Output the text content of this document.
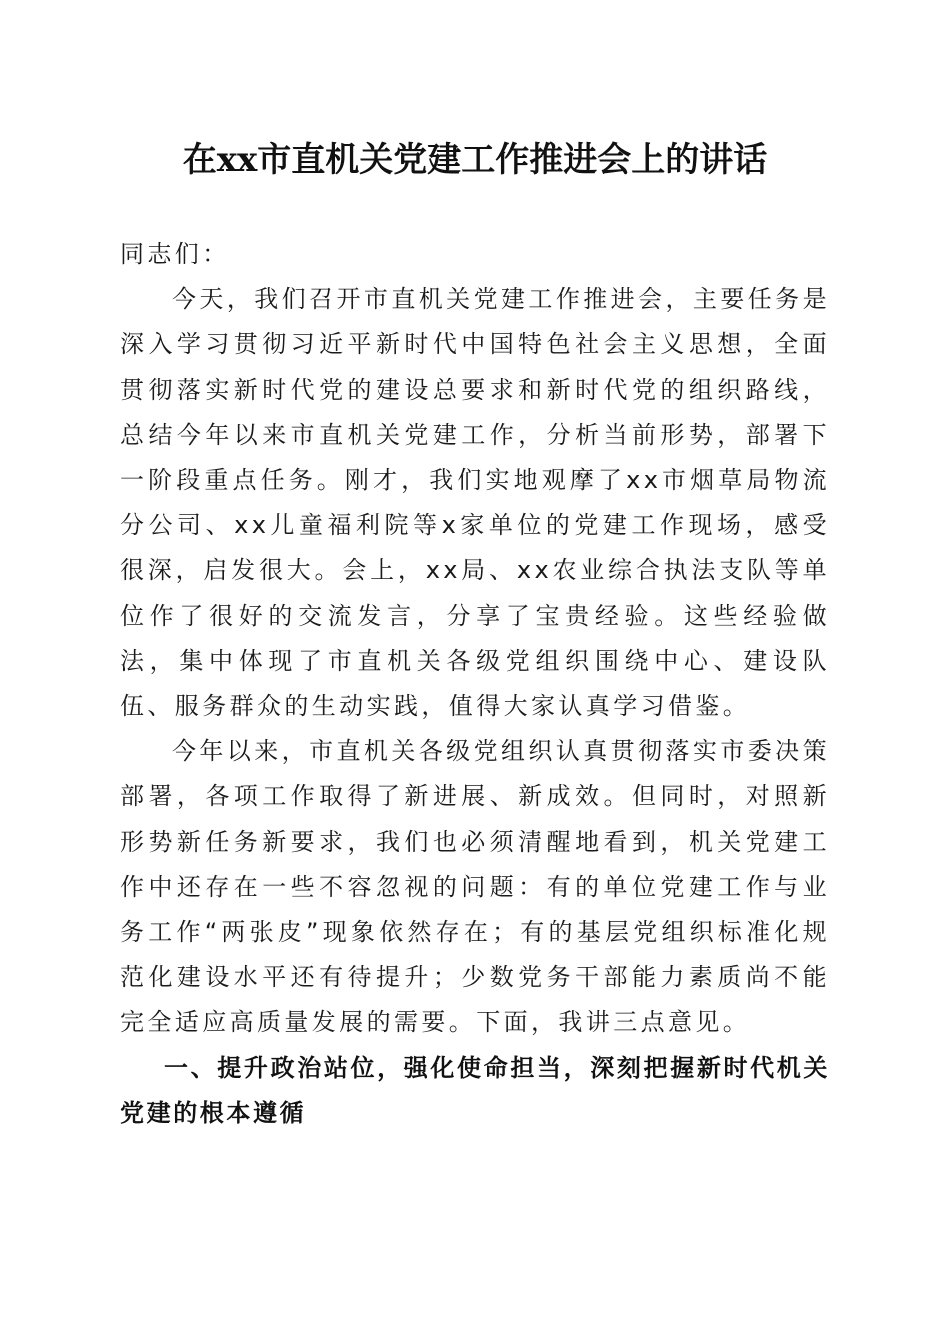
在xx市直机关党建工作推进会上的讲话

同志们：

今天，我们召开市直机关党建工作推进会，主要任务是深入学习贯彻习近平新时代中国特色社会主义思想，全面贯彻落实新时代党的建设总要求和新时代党的组织路线，总结今年以来市直机关党建工作，分析当前形势，部署下一阶段重点任务。刚才，我们实地观摩了xx市烟草局物流分公司、xx儿童福利院等x家单位的党建工作现场，感受很深，启发很大。会上，xx局、xx农业综合执法支队等单位作了很好的交流发言，分享了宝贵经验。这些经验做法，集中体现了市直机关各级党组织围绕中心、建设队伍、服务群众的生动实践，值得大家认真学习借鉴。

今年以来，市直机关各级党组织认真贯彻落实市委决策部署，各项工作取得了新进展、新成效。但同时，对照新形势新任务新要求，我们也必须清醒地看到，机关党建工作中还存在一些不容忽视的问题：有的单位党建工作与业务工作“两张皮”现象依然存在；有的基层党组织标准化规范化建设水平还有待提升；少数党务干部能力素质尚不能完全适应高质量发展的需要。下面，我讲三点意见。

一、提升政治站位，强化使命担当，深刻把握新时代机关党建的根本遵循
